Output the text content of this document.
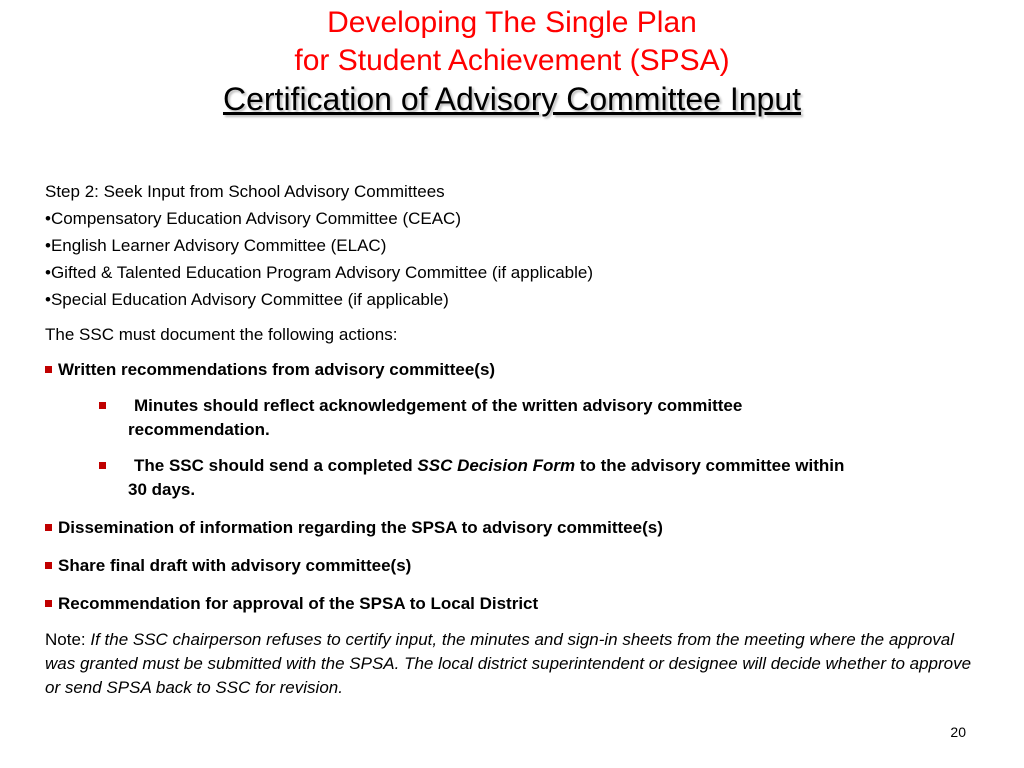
Developing The Single Plan
for Student Achievement (SPSA)
Certification of Advisory Committee Input
Step 2: Seek Input from School Advisory Committees
•Compensatory Education Advisory Committee (CEAC)
•English Learner Advisory Committee (ELAC)
•Gifted & Talented Education Program Advisory Committee (if applicable)
•Special Education Advisory Committee (if applicable)
The SSC must document the following actions:
Written recommendations from advisory committee(s)
Minutes should reflect acknowledgement of the written advisory committee
recommendation.
The SSC should send a completed SSC Decision Form to the advisory committee within
30 days.
Dissemination of information regarding the SPSA to advisory committee(s)
Share final draft with advisory committee(s)
Recommendation for approval of the SPSA to Local District
Note: If the SSC chairperson refuses to certify input, the minutes and sign-in sheets from the meeting where the approval was granted must be submitted with the SPSA. The local district superintendent or designee will decide whether to approve or send SPSA back to SSC for revision.
20
